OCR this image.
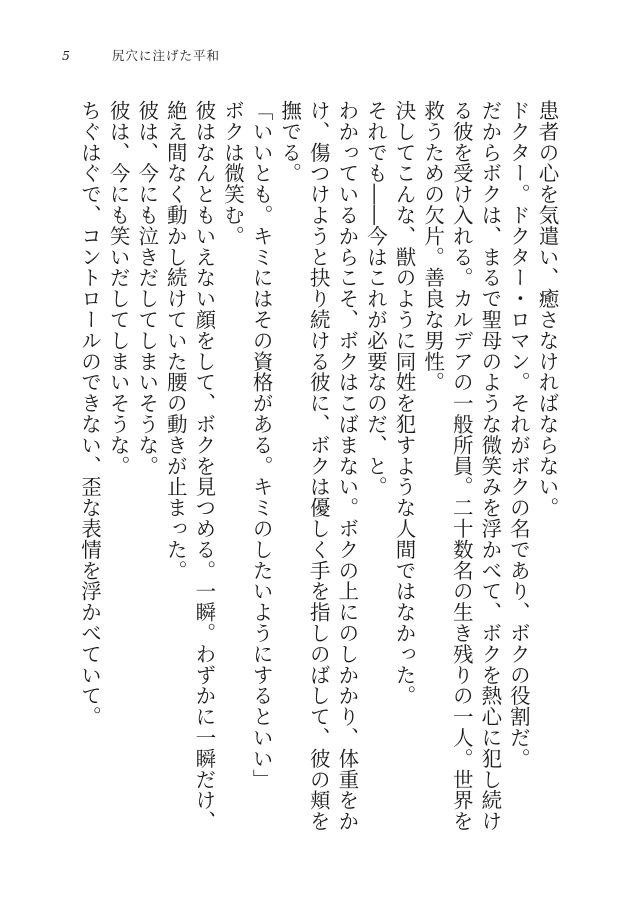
5	尻穴に注げた平和

患者の心を気遣い、癒さなければならない。

ドクター。ドクター・ロマン。それがボクの名であり、ボクの役割だ。

だからボクは、まるで聖母のような微笑みを浮かべて、ボクを熱心に犯し続ける彼を受け入れる。カルデアの一般所員。二十数名の生き残りの一人。世界を救うための欠片。善良な男性。

決してこんな、獣のように同姓を犯すような人間ではなかった。

それでも――今はこれが必要なのだ、と。

わかっているからこそ、ボクはこばまない。ボクの上にのしかかり、体重をかけ、傷つけようと抉り続ける彼に、ボクは優しく手を指しのばして、彼の頬を撫でる。

「いいとも。キミにはその資格がある。キミのしたいようにするといい」

ボクは微笑む。

彼はなんともいえない顔をして、ボクを見つめる。一瞬。わずかに一瞬だけ、絶え間なく動かし続けていた腰の動きが止まった。

彼は、今にも泣きだしてしまいそうな。

彼は、今にも笑いだしてしまいそうな。

ちぐはぐで、コントロールのできない、歪な表情を浮かべていて。
